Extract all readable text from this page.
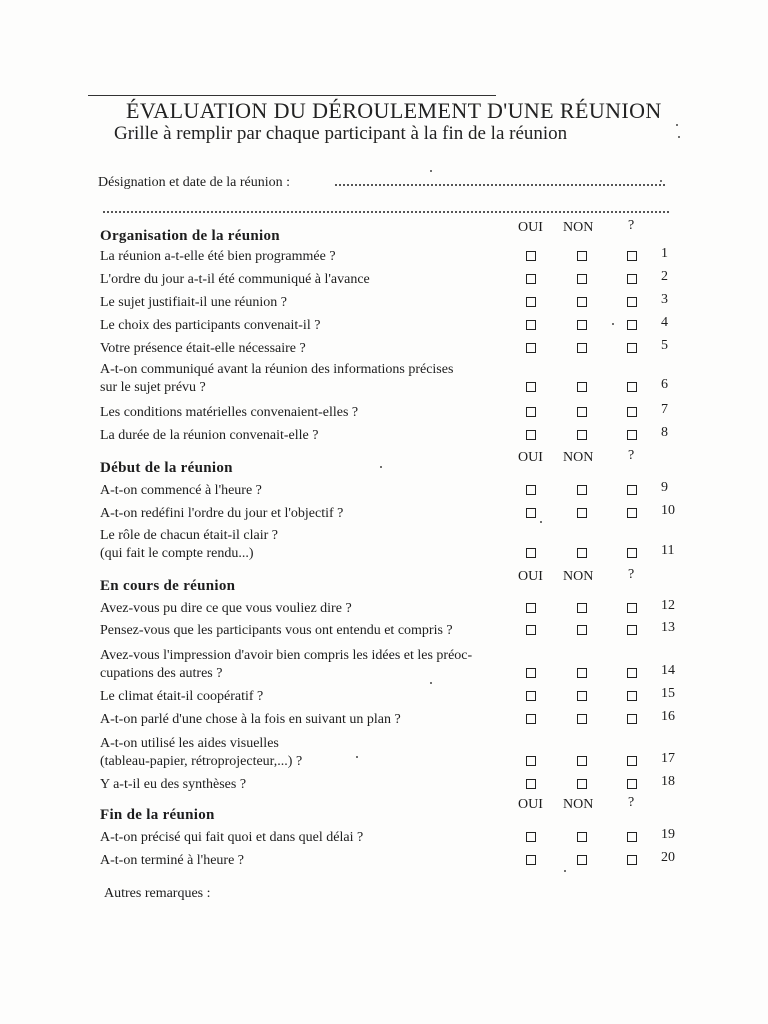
ÉVALUATION DU DÉROULEMENT D'UNE RÉUNION
Grille à remplir par chaque participant à la fin de la réunion
Désignation et date de la réunion :
Organisation de la réunion
OUI NON ?
La réunion a-t-elle été bien programmée ?	1
L'ordre du jour a-t-il été communiqué à l'avance	2
Le sujet justifiait-il une réunion ?	3
Le choix des participants convenait-il ?	4
Votre présence était-elle nécessaire ?	5
A-t-on communiqué avant la réunion des informations précises
sur le sujet prévu ?	6
Les conditions matérielles convenaient-elles ?	7
La durée de la réunion convenait-elle ?	8
Début de la réunion
OUI NON ?
A-t-on commencé à l'heure ?	9
A-t-on redéfini l'ordre du jour et l'objectif ?	10
Le rôle de chacun était-il clair ?
(qui fait le compte rendu...)	11
En cours de réunion
OUI NON ?
Avez-vous pu dire ce que vous vouliez dire ?	12
Pensez-vous que les participants vous ont entendu et compris ?	13
Avez-vous l'impression d'avoir bien compris les idées et les préoc-
cupations des autres ?	14
Le climat était-il coopératif ?	15
A-t-on parlé d'une chose à la fois en suivant un plan ?	16
A-t-on utilisé les aides visuelles
(tableau-papier, rétroprojecteur,...) ?	17
Y a-t-il eu des synthèses ?	18
Fin de la réunion
OUI NON ?
A-t-on précisé qui fait quoi et dans quel délai ?	19
A-t-on terminé à l'heure ?	20
Autres remarques :
